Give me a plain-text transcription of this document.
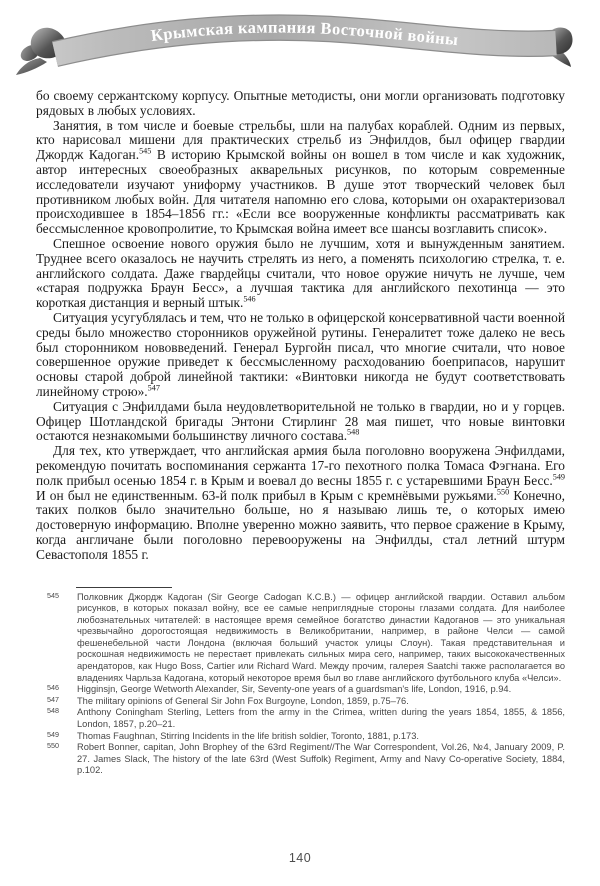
Крымская кампания Восточной войны

бо своему сержантскому корпусу. Опытные методисты, они могли организовать подготовку рядовых в любых условиях.

Занятия, в том числе и боевые стрельбы, шли на палубах кораблей. Одним из первых, кто нарисовал мишени для практических стрельб из Энфилдов, был офицер гвардии Джордж Кадоган.$^{545}$ В историю Крымской войны он вошел в том числе и как художник, автор интересных своеобразных акварельных рисунков, по которым современные исследователи изучают униформу участников. В душе этот творческий человек был противником любых войн. Для читателя напомню его слова, которыми он охарактеризовал происходившее в 1854–1856 гг.: «Если все вооруженные конфликты рассматривать как бессмысленное кровопролитие, то Крымская война имеет все шансы возглавить список».

Спешное освоение нового оружия было не лучшим, хотя и вынужденным занятием. Труднее всего оказалось не научить стрелять из него, а поменять психологию стрелка, т. е. английского солдата. Даже гвардейцы считали, что новое оружие ничуть не лучше, чем «старая подружка Браун Бесс», а лучшая тактика для английского пехотинца — это короткая дистанция и верный штык.$^{546}$

Ситуация усугублялась и тем, что не только в офицерской консервативной части военной среды было множество сторонников оружейной рутины. Генералитет тоже далеко не весь был сторонником нововведений. Генерал Бургойн писал, что многие считали, что новое совершенное оружие приведет к бессмысленному расходованию боеприпасов, нарушит основы старой доброй линейной тактики: «Винтовки никогда не будут соответствовать линейному строю».$^{547}$

Ситуация с Энфилдами была неудовлетворительной не только в гвардии, но и у горцев. Офицер Шотландской бригады Энтони Стирлинг 28 мая пишет, что новые винтовки остаются незнакомыми большинству личного состава.$^{548}$

Для тех, кто утверждает, что английская армия была поголовно вооружена Энфилдами, рекомендую почитать воспоминания сержанта 17-го пехотного полка Томаса Фэгнана. Его полк прибыл осенью 1854 г. в Крым и воевал до весны 1855 г. с устаревшими Браун Бесс.$^{549}$ И он был не единственным. 63-й полк прибыл в Крым с кремнёвыми ружьями.$^{550}$ Конечно, таких полков было значительно больше, но я называю лишь те, о которых имею достоверную информацию. Вполне уверенно можно заявить, что первое сражение в Крыму, когда англичане были поголовно перевооружены на Энфилды, стал летний штурм Севастополя 1855 г.

545 Полковник Джордж Кадоган (Sir George Cadogan К.С.В.) — офицер английской гвардии. Оставил альбом рисунков, в которых показал войну, все ее самые неприглядные стороны глазами солдата. Для наиболее любознательных читателей: в настоящее время семейное богатство династии Кадоганов — это уникальная чрезвычайно дорогостоящая недвижимость в Великобритании, например, в районе Челси — самой фешенебельной части Лондона (включая больший участок улицы Слоун). Такая представительная и роскошная недвижимость не перестает привлекать сильных мира сего, например, таких высококачественных арендаторов, как Hugo Boss, Cartier или Richard Ward. Между прочим, галерея Saatchi также располагается во владениях Чарльза Кадогана, который некоторое время был во главе английского футбольного клуба «Челси».
546 Higginsjn, George Wetworth Alexander, Sir, Seventy-one years of a guardsman's life, London, 1916, p.94.
547 The military opinions of General Sir John Fox Burgoyne, London, 1859, p.75–76.
548 Anthony Coningham Sterling, Letters from the army in the Crimea, written during the years 1854, 1855, & 1856, London, 1857, p.20–21.
549 Thomas Faughnan, Stirring Incidents in the life british soldier, Toronto, 1881, p.173.
550 Robert Bonner, capitan, John Brophey of the 63rd Regiment//The War Correspondent, Vol.26, №4, January 2009, P. 27. James Slack, The history of the late 63rd (West Suffolk) Regiment, Army and Navy Co-operative Society, 1884, p.102.
140
